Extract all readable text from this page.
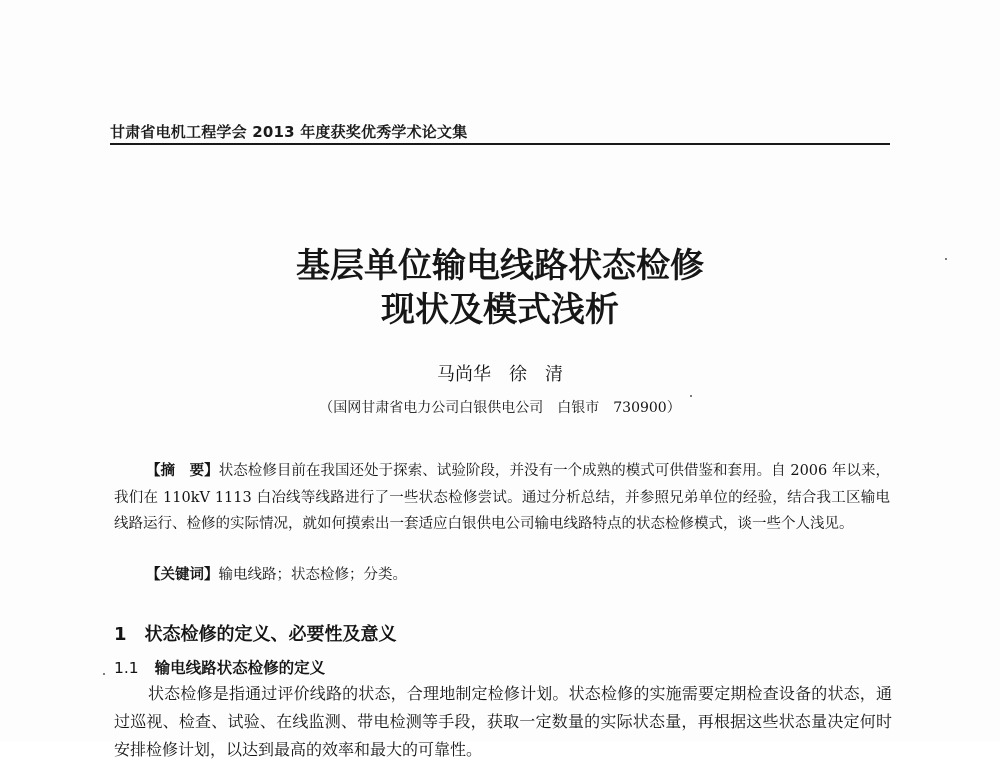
甘肃省电机工程学会 2013 年度获奖优秀学术论文集
基层单位输电线路状态检修
现状及模式浅析
马尚华　徐　清
（国网甘肃省电力公司白银供电公司　白银市　730900）

【摘　要】状态检修目前在我国还处于探索、试验阶段，并没有一个成熟的模式可供借鉴和套用。自 2006 年以来，我们在 110kV 1113 白冶线等线路进行了一些状态检修尝试。通过分析总结，并参照兄弟单位的经验，结合我工区输电线路运行、检修的实际情况，就如何摸索出一套适应白银供电公司输电线路特点的状态检修模式，谈一些个人浅见。

【关键词】输电线路；状态检修；分类。
1 状态检修的定义、必要性及意义
1.1 输电线路状态检修的定义

状态检修是指通过评价线路的状态，合理地制定检修计划。状态检修的实施需要定期检查设备的状态，通过巡视、检查、试验、在线监测、带电检测等手段，获取一定数量的实际状态量，再根据这些状态量决定何时安排检修计划，以达到最高的效率和最大的可靠性。
